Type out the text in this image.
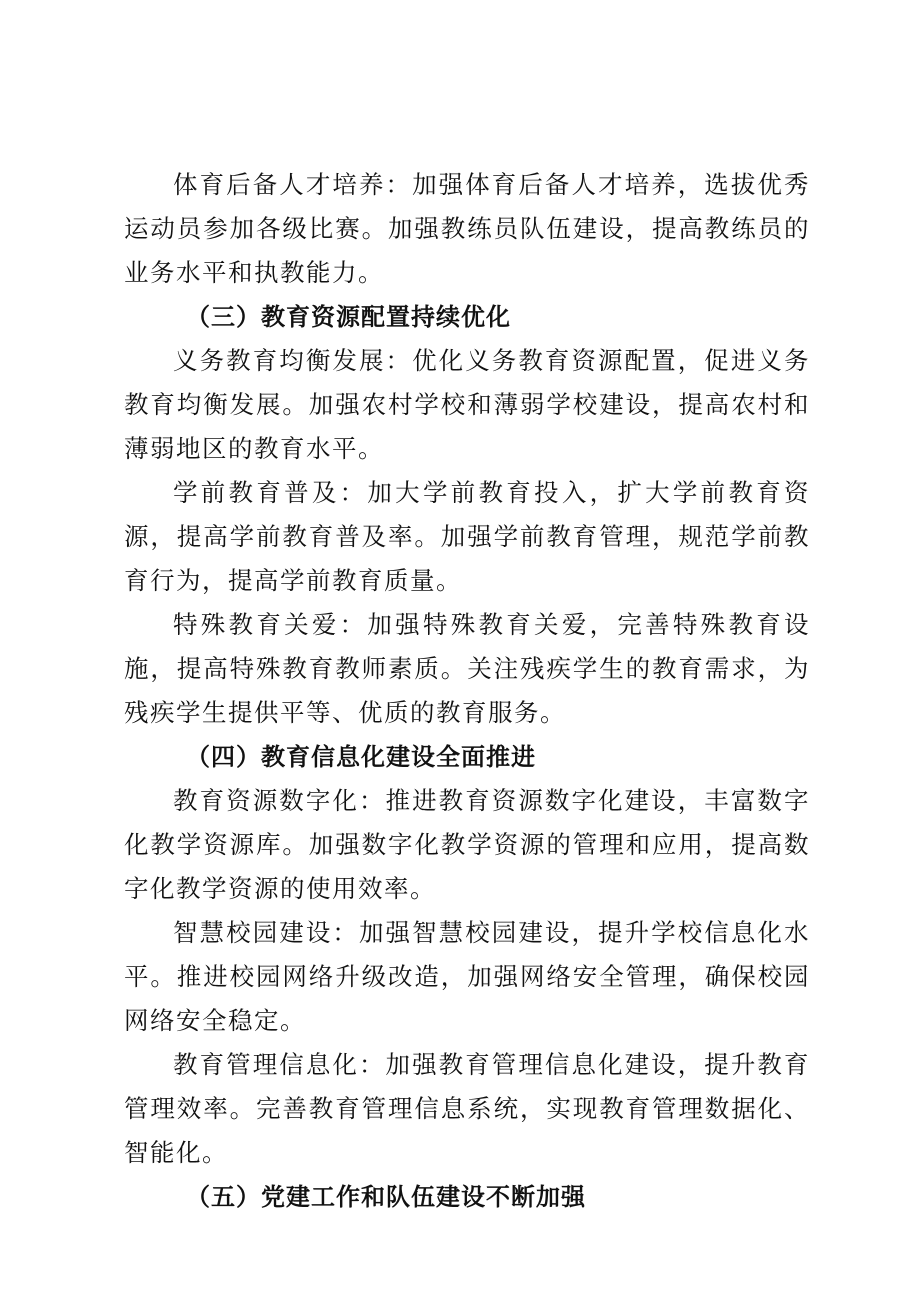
体育后备人才培养：加强体育后备人才培养，选拔优秀运动员参加各级比赛。加强教练员队伍建设，提高教练员的业务水平和执教能力。

（三）教育资源配置持续优化

义务教育均衡发展：优化义务教育资源配置，促进义务教育均衡发展。加强农村学校和薄弱学校建设，提高农村和薄弱地区的教育水平。

学前教育普及：加大学前教育投入，扩大学前教育资源，提高学前教育普及率。加强学前教育管理，规范学前教育行为，提高学前教育质量。

特殊教育关爱：加强特殊教育关爱，完善特殊教育设施，提高特殊教育教师素质。关注残疾学生的教育需求，为残疾学生提供平等、优质的教育服务。

（四）教育信息化建设全面推进

教育资源数字化：推进教育资源数字化建设，丰富数字化教学资源库。加强数字化教学资源的管理和应用，提高数字化教学资源的使用效率。

智慧校园建设：加强智慧校园建设，提升学校信息化水平。推进校园网络升级改造，加强网络安全管理，确保校园网络安全稳定。

教育管理信息化：加强教育管理信息化建设，提升教育管理效率。完善教育管理信息系统，实现教育管理数据化、智能化。

（五）党建工作和队伍建设不断加强
